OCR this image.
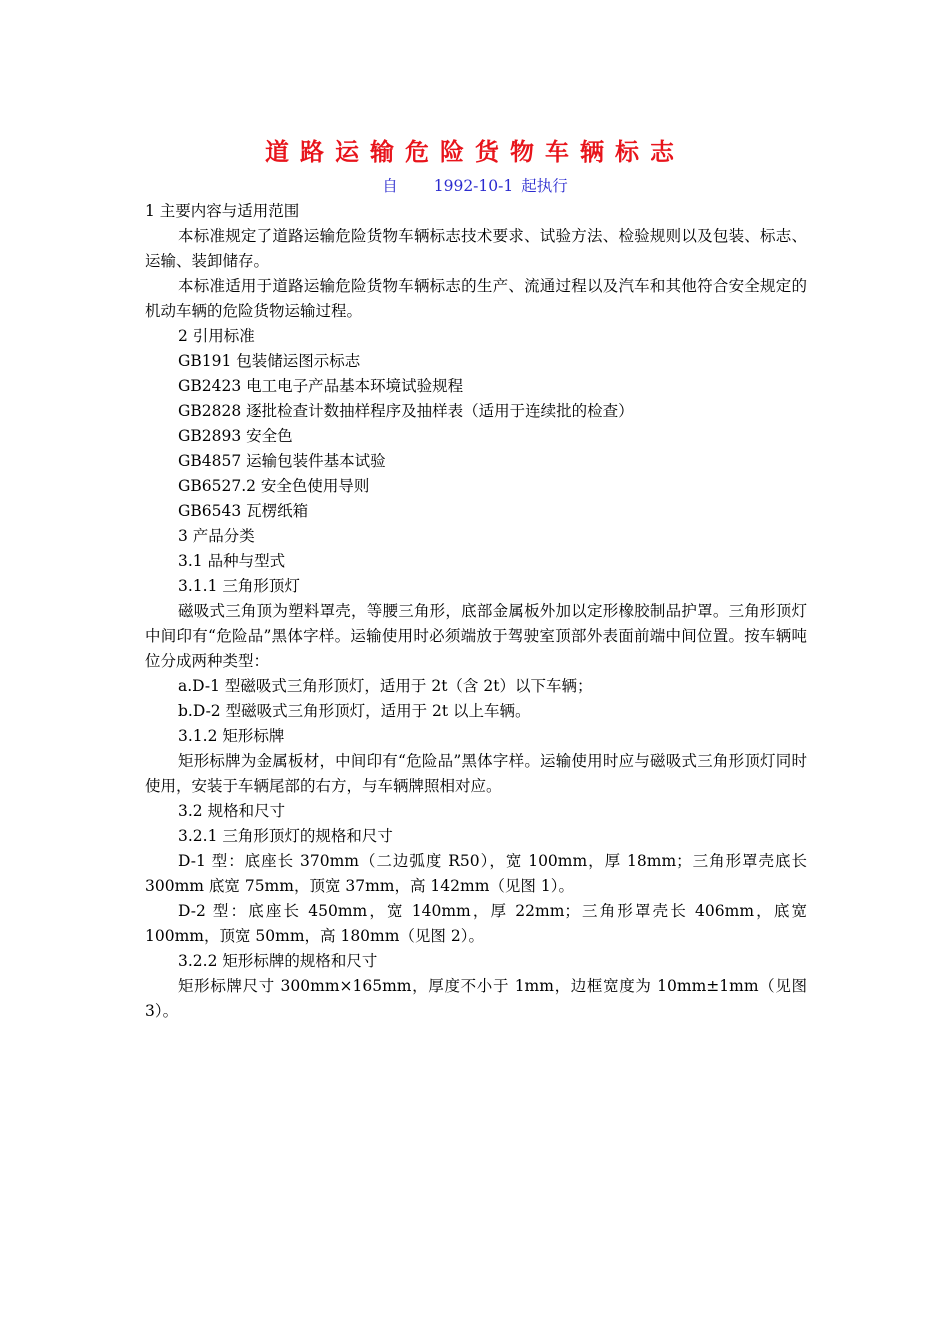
道路运输危险货物车辆标志
自 1992-10-1 起执行

1 主要内容与适用范围

本标准规定了道路运输危险货物车辆标志技术要求、试验方法、检验规则以及包装、标志、运输、装卸储存。

本标准适用于道路运输危险货物车辆标志的生产、流通过程以及汽车和其他符合安全规定的机动车辆的危险货物运输过程。

2 引用标准

GB191 包装储运图示标志

GB2423 电工电子产品基本环境试验规程

GB2828 逐批检查计数抽样程序及抽样表（适用于连续批的检查）

GB2893 安全色

GB4857 运输包装件基本试验

GB6527.2 安全色使用导则

GB6543 瓦楞纸箱

3 产品分类

3.1 品种与型式

3.1.1 三角形顶灯

磁吸式三角顶为塑料罩壳，等腰三角形，底部金属板外加以定形橡胶制品护罩。三角形顶灯中间印有“危险品”黑体字样。运输使用时必须端放于驾驶室顶部外表面前端中间位置。按车辆吨位分成两种类型：

a.D-1 型磁吸式三角形顶灯，适用于 2t（含 2t）以下车辆；

b.D-2 型磁吸式三角形顶灯，适用于 2t 以上车辆。

3.1.2 矩形标牌

矩形标牌为金属板材，中间印有“危险品”黑体字样。运输使用时应与磁吸式三角形顶灯同时使用，安装于车辆尾部的右方，与车辆牌照相对应。

3.2 规格和尺寸

3.2.1 三角形顶灯的规格和尺寸

D-1 型：底座长 370mm（二边弧度 R50），宽 100mm，厚 18mm；三角形罩壳底长 300mm 底宽 75mm，顶宽 37mm，高 142mm（见图 1）。

D-2 型：底座长 450mm，宽 140mm，厚 22mm；三角形罩壳长 406mm，底宽 100mm，顶宽 50mm，高 180mm（见图 2）。

3.2.2 矩形标牌的规格和尺寸

矩形标牌尺寸 300mm×165mm，厚度不小于 1mm，边框宽度为 10mm±1mm（见图 3）。
